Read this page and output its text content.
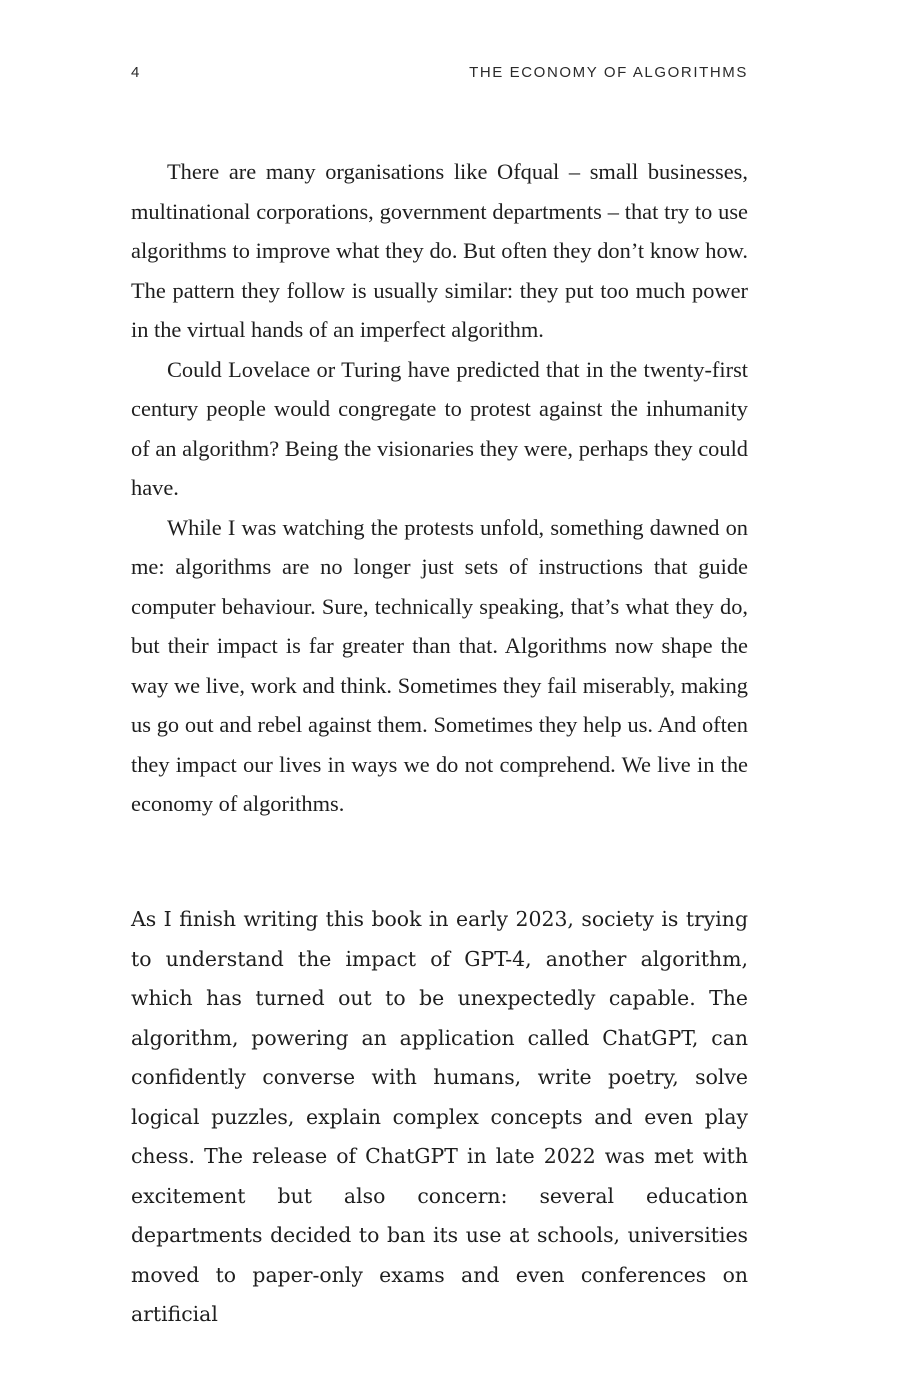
4	THE ECONOMY OF ALGORITHMS

There are many organisations like Ofqual – small businesses, multinational corporations, government departments – that try to use algorithms to improve what they do. But often they don’t know how. The pattern they follow is usually similar: they put too much power in the virtual hands of an imperfect algorithm.

Could Lovelace or Turing have predicted that in the twenty-first century people would congregate to protest against the inhumanity of an algorithm? Being the visionaries they were, perhaps they could have.

While I was watching the protests unfold, something dawned on me: algorithms are no longer just sets of instructions that guide computer behaviour. Sure, technically speaking, that’s what they do, but their impact is far greater than that. Algorithms now shape the way we live, work and think. Sometimes they fail miserably, making us go out and rebel against them. Sometimes they help us. And often they impact our lives in ways we do not comprehend. We live in the economy of algorithms.

As I finish writing this book in early 2023, society is trying to understand the impact of GPT-4, another algorithm, which has turned out to be unexpectedly capable. The algorithm, powering an application called ChatGPT, can confidently converse with humans, write poetry, solve logical puzzles, explain complex concepts and even play chess. The release of ChatGPT in late 2022 was met with excitement but also concern: several education departments decided to ban its use at schools, universities moved to paper-only exams and even conferences on artificial
